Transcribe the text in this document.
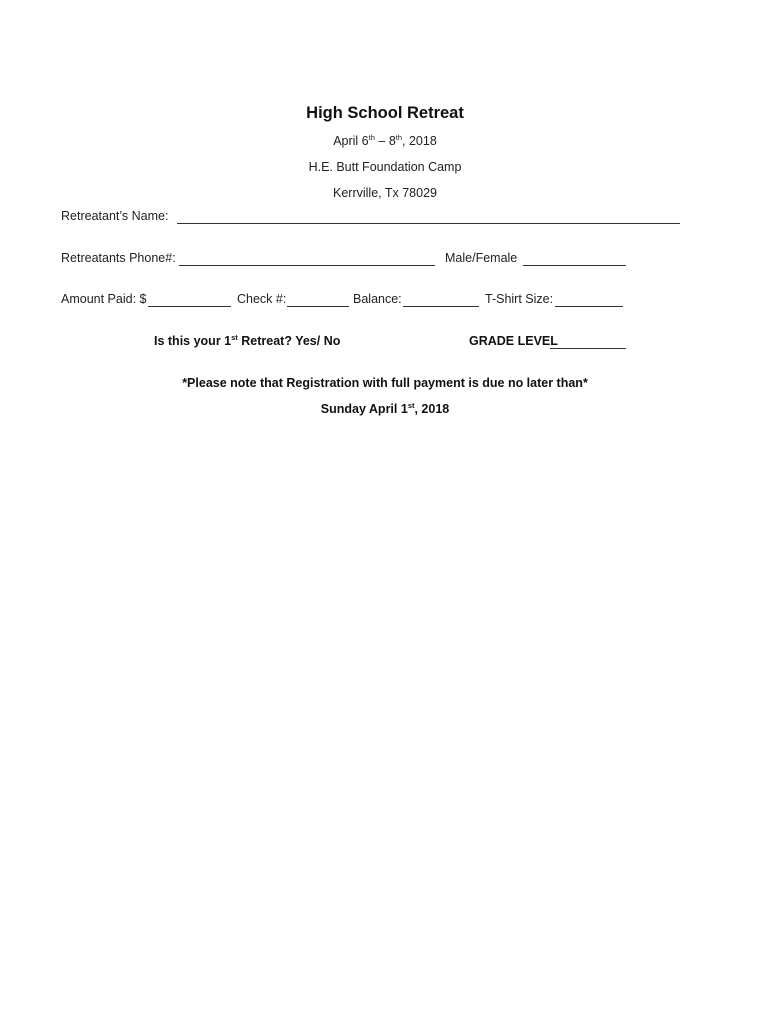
High School Retreat
April 6th – 8th, 2018
H.E. Butt Foundation Camp
Kerrville, Tx 78029
Retreatant’s Name:
Retreatants Phone#:	Male/Female
Amount Paid: $	Check #:	Balance:	T-Shirt Size:
Is this your 1st Retreat? Yes/ No	GRADE LEVEL
*Please note that Registration with full payment is due no later than*
Sunday April 1st, 2018
